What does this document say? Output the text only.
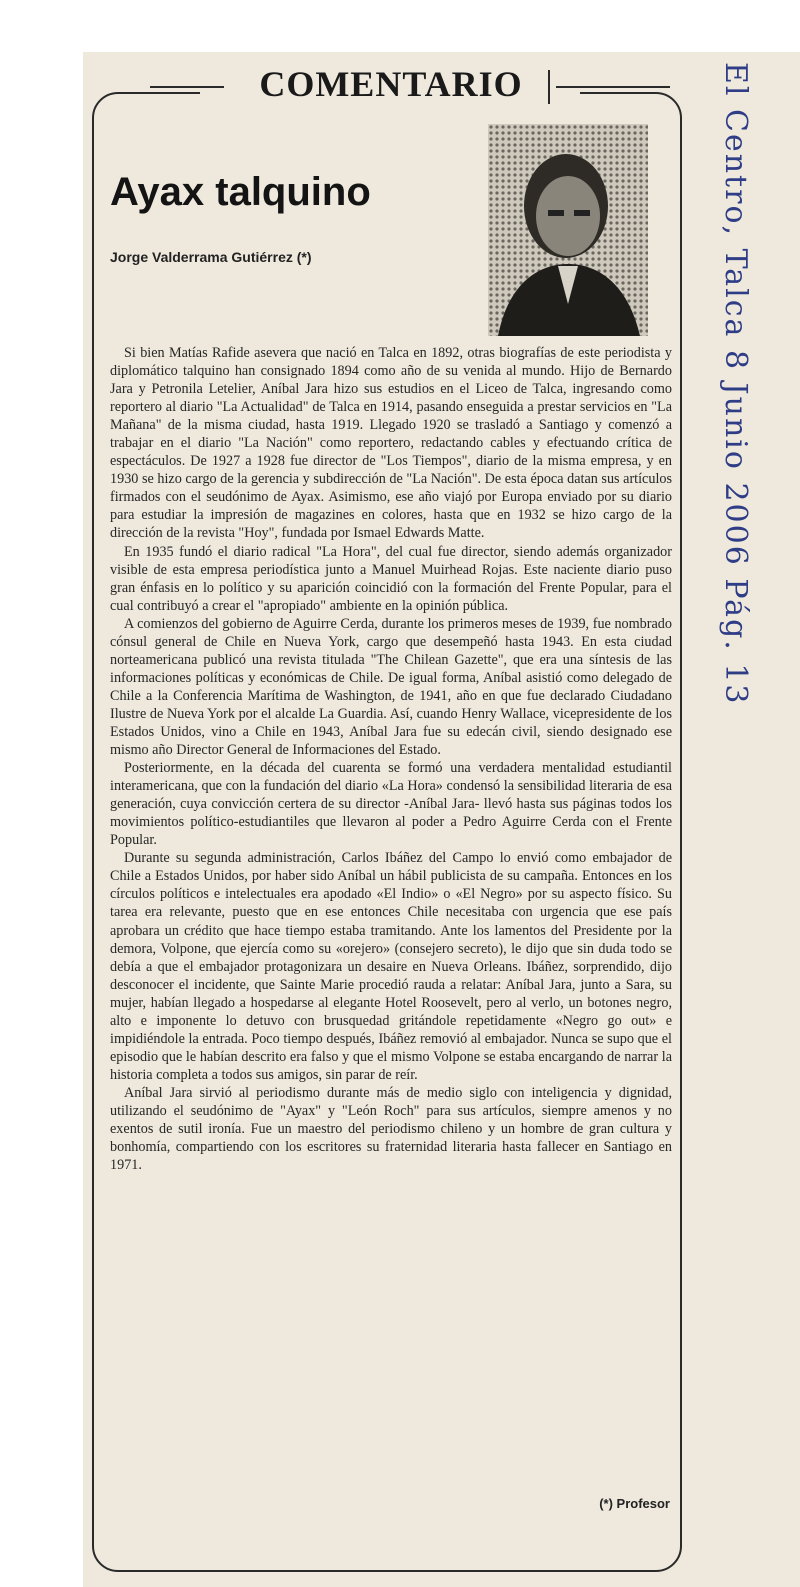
COMENTARIO
Ayax talquino
Jorge Valderrama Gutiérrez (*)

Si bien Matías Rafide asevera que nació en Talca en 1892, otras biografías de este periodista y diplomático talquino han consignado 1894 como año de su venida al mundo. Hijo de Bernardo Jara y Petronila Letelier, Aníbal Jara hizo sus estudios en el Liceo de Talca, ingresando como reportero al diario "La Actualidad" de Talca en 1914, pasando enseguida a prestar servicios en "La Mañana" de la misma ciudad, hasta 1919. Llegado 1920 se trasladó a Santiago y comenzó a trabajar en el diario "La Nación" como reportero, redactando cables y efectuando crítica de espectáculos. De 1927 a 1928 fue director de "Los Tiempos", diario de la misma empresa, y en 1930 se hizo cargo de la gerencia y subdirección de "La Nación". De esta época datan sus artículos firmados con el seudónimo de Ayax. Asimismo, ese año viajó por Europa enviado por su diario para estudiar la impresión de magazines en colores, hasta que en 1932 se hizo cargo de la dirección de la revista "Hoy", fundada por Ismael Edwards Matte.

En 1935 fundó el diario radical "La Hora", del cual fue director, siendo además organizador visible de esta empresa periodística junto a Manuel Muirhead Rojas. Este naciente diario puso gran énfasis en lo político y su aparición coincidió con la formación del Frente Popular, para el cual contribuyó a crear el "apropiado" ambiente en la opinión pública.

A comienzos del gobierno de Aguirre Cerda, durante los primeros meses de 1939, fue nombrado cónsul general de Chile en Nueva York, cargo que desempeñó hasta 1943. En esta ciudad norteamericana publicó una revista titulada "The Chilean Gazette", que era una síntesis de las informaciones políticas y económicas de Chile. De igual forma, Aníbal asistió como delegado de Chile a la Conferencia Marítima de Washington, de 1941, año en que fue declarado Ciudadano Ilustre de Nueva York por el alcalde La Guardia. Así, cuando Henry Wallace, vicepresidente de los Estados Unidos, vino a Chile en 1943, Aníbal Jara fue su edecán civil, siendo designado ese mismo año Director General de Informaciones del Estado.

Posteriormente, en la década del cuarenta se formó una verdadera mentalidad estudiantil interamericana, que con la fundación del diario «La Hora» condensó la sensibilidad literaria de esa generación, cuya convicción certera de su director -Aníbal Jara- llevó hasta sus páginas todos los movimientos político-estudiantiles que llevaron al poder a Pedro Aguirre Cerda con el Frente Popular.

Durante su segunda administración, Carlos Ibáñez del Campo lo envió como embajador de Chile a Estados Unidos, por haber sido Aníbal un hábil publicista de su campaña. Entonces en los círculos políticos e intelectuales era apodado «El Indio» o «El Negro» por su aspecto físico. Su tarea era relevante, puesto que en ese entonces Chile necesitaba con urgencia que ese país aprobara un crédito que hace tiempo estaba tramitando. Ante los lamentos del Presidente por la demora, Volpone, que ejercía como su «orejero» (consejero secreto), le dijo que sin duda todo se debía a que el embajador protagonizara un desaire en Nueva Orleans. Ibáñez, sorprendido, dijo desconocer el incidente, que Sainte Marie procedió rauda a relatar: Aníbal Jara, junto a Sara, su mujer, habían llegado a hospedarse al elegante Hotel Roosevelt, pero al verlo, un botones negro, alto e imponente lo detuvo con brusquedad gritándole repetidamente «Negro go out» e impidiéndole la entrada. Poco tiempo después, Ibáñez removió al embajador. Nunca se supo que el episodio que le habían descrito era falso y que el mismo Volpone se estaba encargando de narrar la historia completa a todos sus amigos, sin parar de reír.

Aníbal Jara sirvió al periodismo durante más de medio siglo con inteligencia y dignidad, utilizando el seudónimo de "Ayax" y "León Roch" para sus artículos, siempre amenos y no exentos de sutil ironía. Fue un maestro del periodismo chileno y un hombre de gran cultura y bonhomía, compartiendo con los escritores su fraternidad literaria hasta fallecer en Santiago en 1971.

(*) Profesor
El Centro, Talca 8 Junio 2006 Pág. 13
